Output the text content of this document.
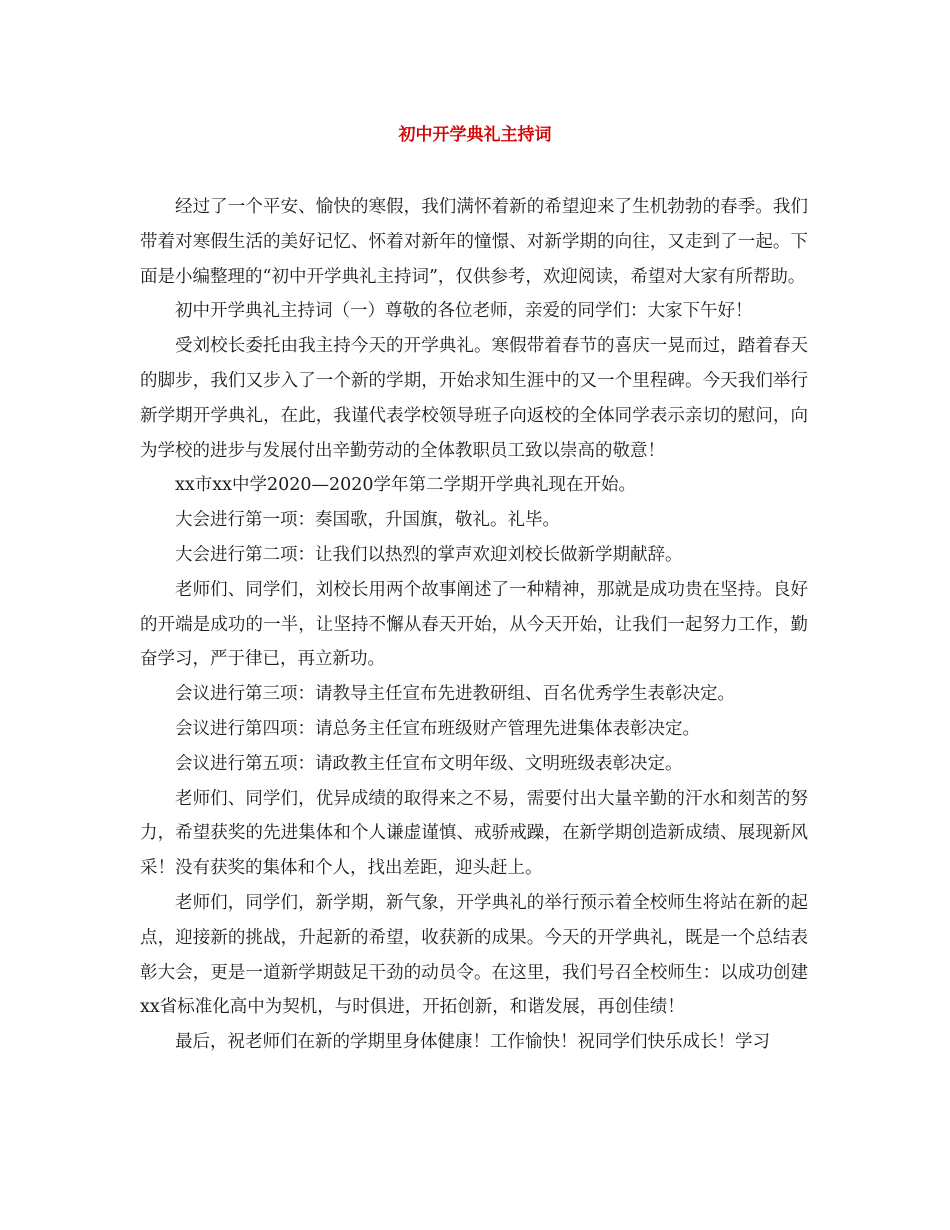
初中开学典礼主持词

经过了一个平安、愉快的寒假，我们满怀着新的希望迎来了生机勃勃的春季。我们带着对寒假生活的美好记忆、怀着对新年的憧憬、对新学期的向往，又走到了一起。下面是小编整理的“初中开学典礼主持词”，仅供参考，欢迎阅读，希望对大家有所帮助。

初中开学典礼主持词（一）尊敬的各位老师，亲爱的同学们：大家下午好！

受刘校长委托由我主持今天的开学典礼。寒假带着春节的喜庆一晃而过，踏着春天的脚步，我们又步入了一个新的学期，开始求知生涯中的又一个里程碑。今天我们举行新学期开学典礼，在此，我谨代表学校领导班子向返校的全体同学表示亲切的慰问，向为学校的进步与发展付出辛勤劳动的全体教职员工致以崇高的敬意！

xx市xx中学2020—2020学年第二学期开学典礼现在开始。

大会进行第一项：奏国歌，升国旗，敬礼。礼毕。

大会进行第二项：让我们以热烈的掌声欢迎刘校长做新学期献辞。

老师们、同学们，刘校长用两个故事阐述了一种精神，那就是成功贵在坚持。良好的开端是成功的一半，让坚持不懈从春天开始，从今天开始，让我们一起努力工作，勤奋学习，严于律已，再立新功。

会议进行第三项：请教导主任宣布先进教研组、百名优秀学生表彰决定。

会议进行第四项：请总务主任宣布班级财产管理先进集体表彰决定。

会议进行第五项：请政教主任宣布文明年级、文明班级表彰决定。

老师们、同学们，优异成绩的取得来之不易，需要付出大量辛勤的汗水和刻苦的努力，希望获奖的先进集体和个人谦虚谨慎、戒骄戒躁，在新学期创造新成绩、展现新风采！没有获奖的集体和个人，找出差距，迎头赶上。

老师们，同学们，新学期，新气象，开学典礼的举行预示着全校师生将站在新的起点，迎接新的挑战，升起新的希望，收获新的成果。今天的开学典礼，既是一个总结表彰大会，更是一道新学期鼓足干劲的动员令。在这里，我们号召全校师生：以成功创建xx省标准化高中为契机，与时俱进，开拓创新，和谐发展，再创佳绩！

最后，祝老师们在新的学期里身体健康！工作愉快！祝同学们快乐成长！学习
